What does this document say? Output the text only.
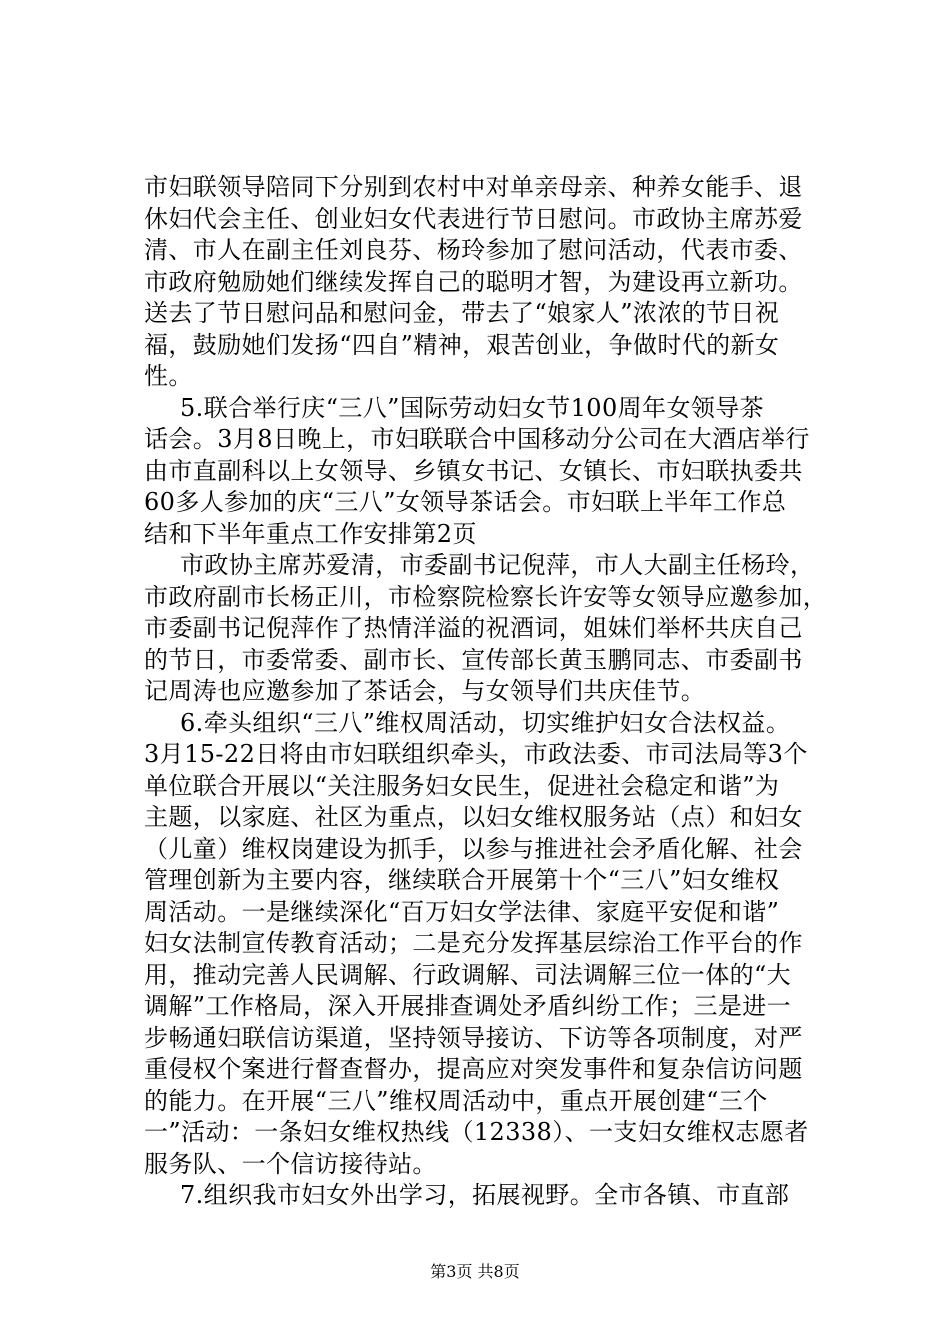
市妇联领导陪同下分别到农村中对单亲母亲、种养女能手、退
休妇代会主任、创业妇女代表进行节日慰问。市政协主席苏爱
清、市人在副主任刘良芬、杨玲参加了慰问活动，代表市委、
市政府勉励她们继续发挥自己的聪明才智，为建设再立新功。
送去了节日慰问品和慰问金，带去了“娘家人”浓浓的节日祝
福，鼓励她们发扬“四自”精神，艰苦创业，争做时代的新女
性。
5.联合举行庆“三八”国际劳动妇女节100周年女领导茶
话会。3月8日晚上，市妇联联合中国移动分公司在大酒店举行
由市直副科以上女领导、乡镇女书记、女镇长、市妇联执委共
60多人参加的庆“三八”女领导茶话会。市妇联上半年工作总
结和下半年重点工作安排第2页
市政协主席苏爱清，市委副书记倪萍，市人大副主任杨玲，
市政府副市长杨正川，市检察院检察长许安等女领导应邀参加，
市委副书记倪萍作了热情洋溢的祝酒词，姐妹们举杯共庆自己
的节日，市委常委、副市长、宣传部长黄玉鹏同志、市委副书
记周涛也应邀参加了茶话会，与女领导们共庆佳节。
6.牵头组织“三八”维权周活动，切实维护妇女合法权益。
3月15-22日将由市妇联组织牵头，市政法委、市司法局等3个
单位联合开展以“关注服务妇女民生，促进社会稳定和谐”为
主题，以家庭、社区为重点，以妇女维权服务站（点）和妇女
（儿童）维权岗建设为抓手，以参与推进社会矛盾化解、社会
管理创新为主要内容，继续联合开展第十个“三八”妇女维权
周活动。一是继续深化“百万妇女学法律、家庭平安促和谐”
妇女法制宣传教育活动；二是充分发挥基层综治工作平台的作
用，推动完善人民调解、行政调解、司法调解三位一体的“大
调解”工作格局，深入开展排查调处矛盾纠纷工作；三是进一
步畅通妇联信访渠道，坚持领导接访、下访等各项制度，对严
重侵权个案进行督查督办，提高应对突发事件和复杂信访问题
的能力。在开展“三八”维权周活动中，重点开展创建“三个
一”活动：一条妇女维权热线（12338）、一支妇女维权志愿者
服务队、一个信访接待站。
7.组织我市妇女外出学习，拓展视野。全市各镇、市直部
第3页 共8页
